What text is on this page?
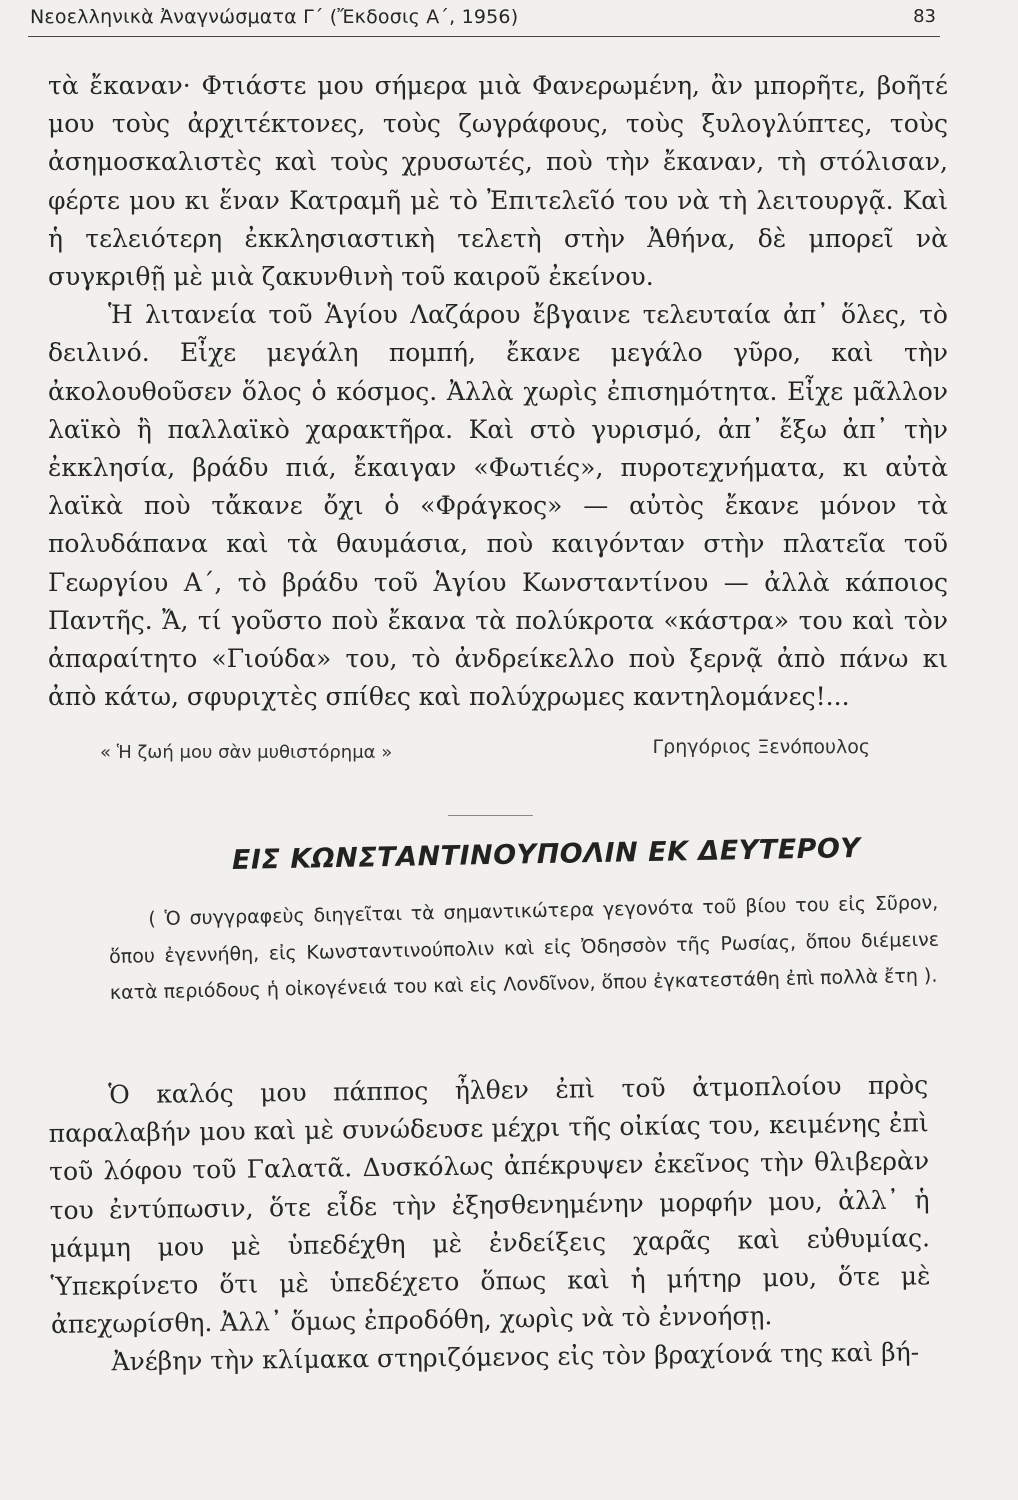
Νεοελληνικὰ Ἀναγνώσματα Γ΄ (Ἔκδοσις Α΄, 1956)	83

τὰ ἔκαναν· Φτιάστε μου σήμερα μιὰ Φανερωμένη, ἂν μπορῆτε, βοῆτέ μου τοὺς ἀρχιτέκτονες, τοὺς ζωγράφους, τοὺς ξυλογλύπτες, τοὺς ἀσημοσκαλιστὲς καὶ τοὺς χρυσωτές, ποὺ τὴν ἔκαναν, τὴ στόλισαν, φέρτε μου κι ἕναν Κατραμῆ μὲ τὸ Ἐπιτελεῖό του νὰ τὴ λειτουργᾷ. Καὶ ἡ τελειότερη ἐκκλησιαστικὴ τελετὴ στὴν Ἀθήνα, δὲ μπορεῖ νὰ συγκριθῇ μὲ μιὰ ζακυνθινὴ τοῦ καιροῦ ἐκείνου.

Ἡ λιτανεία τοῦ Ἁγίου Λαζάρου ἔβγαινε τελευταία ἀπ᾿ ὅλες, τὸ δειλινό. Εἶχε μεγάλη πομπή, ἔκανε μεγάλο γῦρο, καὶ τὴν ἀκολουθοῦσεν ὅλος ὁ κόσμος. Ἀλλὰ χωρὶς ἐπισημότητα. Εἶχε μᾶλλον λαϊκὸ ἢ παλλαϊκὸ χαρακτῆρα. Καὶ στὸ γυρισμό, ἀπ᾿ ἔξω ἀπ᾿ τὴν ἐκκλησία, βράδυ πιά, ἔκαιγαν «Φωτιές», πυροτεχνήματα, κι αὐτὰ λαϊκὰ ποὺ τἄκανε ὄχι ὁ «Φράγκος» — αὐτὸς ἔκανε μόνον τὰ πολυδάπανα καὶ τὰ θαυμάσια, ποὺ καιγόνταν στὴν πλατεῖα τοῦ Γεωργίου Α΄, τὸ βράδυ τοῦ Ἁγίου Κωνσταντίνου — ἀλλὰ κάποιος Παντῆς. Ἄ, τί γοῦστο ποὺ ἔκανα τὰ πολύκροτα «κάστρα» του καὶ τὸν ἀπαραίτητο «Γιούδα» του, τὸ ἀνδρείκελλο ποὺ ξερνᾷ ἀπὸ πάνω κι ἀπὸ κάτω, σφυριχτὲς σπίθες καὶ πολύχρωμες καντηλομάνες!...

« Ἡ ζωή μου σὰν μυθιστόρημα »	Γρηγόριος Ξενόπουλος
ΕΙΣ ΚΩΝΣΤΑΝΤΙΝΟΥΠΟΛΙΝ ΕΚ ΔΕΥΤΕΡΟΥ

( Ὁ συγγραφεὺς διηγεῖται τὰ σημαντικώτερα γεγονότα τοῦ βίου του εἰς Σῦρον, ὅπου ἐγεννήθη, εἰς Κωνσταντινούπολιν καὶ εἰς Ὀδησσὸν τῆς Ρωσίας, ὅπου διέμεινε κατὰ περιόδους ἡ οἰκογένειά του καὶ εἰς Λονδῖνον, ὅπου ἐγκατεστάθη ἐπὶ πολλὰ ἔτη ).

Ὁ καλός μου πάππος ἦλθεν ἐπὶ τοῦ ἀτμοπλοίου πρὸς παραλαβήν μου καὶ μὲ συνώδευσε μέχρι τῆς οἰκίας του, κειμένης ἐπὶ τοῦ λόφου τοῦ Γαλατᾶ. Δυσκόλως ἀπέκρυψεν ἐκεῖνος τὴν θλιβερὰν του ἐντύπωσιν, ὅτε εἶδε τὴν ἐξησθενημένην μορφήν μου, ἀλλ᾿ ἡ μάμμη μου μὲ ὑπεδέχθη μὲ ἐνδείξεις χαρᾶς καὶ εὐθυμίας. Ὑπεκρίνετο ὅτι μὲ ὑπεδέχετο ὅπως καὶ ἡ μήτηρ μου, ὅτε μὲ ἀπεχωρίσθη. Ἀλλ᾿ ὅμως ἐπροδόθη, χωρὶς νὰ τὸ ἐννοήσῃ.

Ἀνέβην τὴν κλίμακα στηριζόμενος εἰς τὸν βραχίονά της καὶ βή-
